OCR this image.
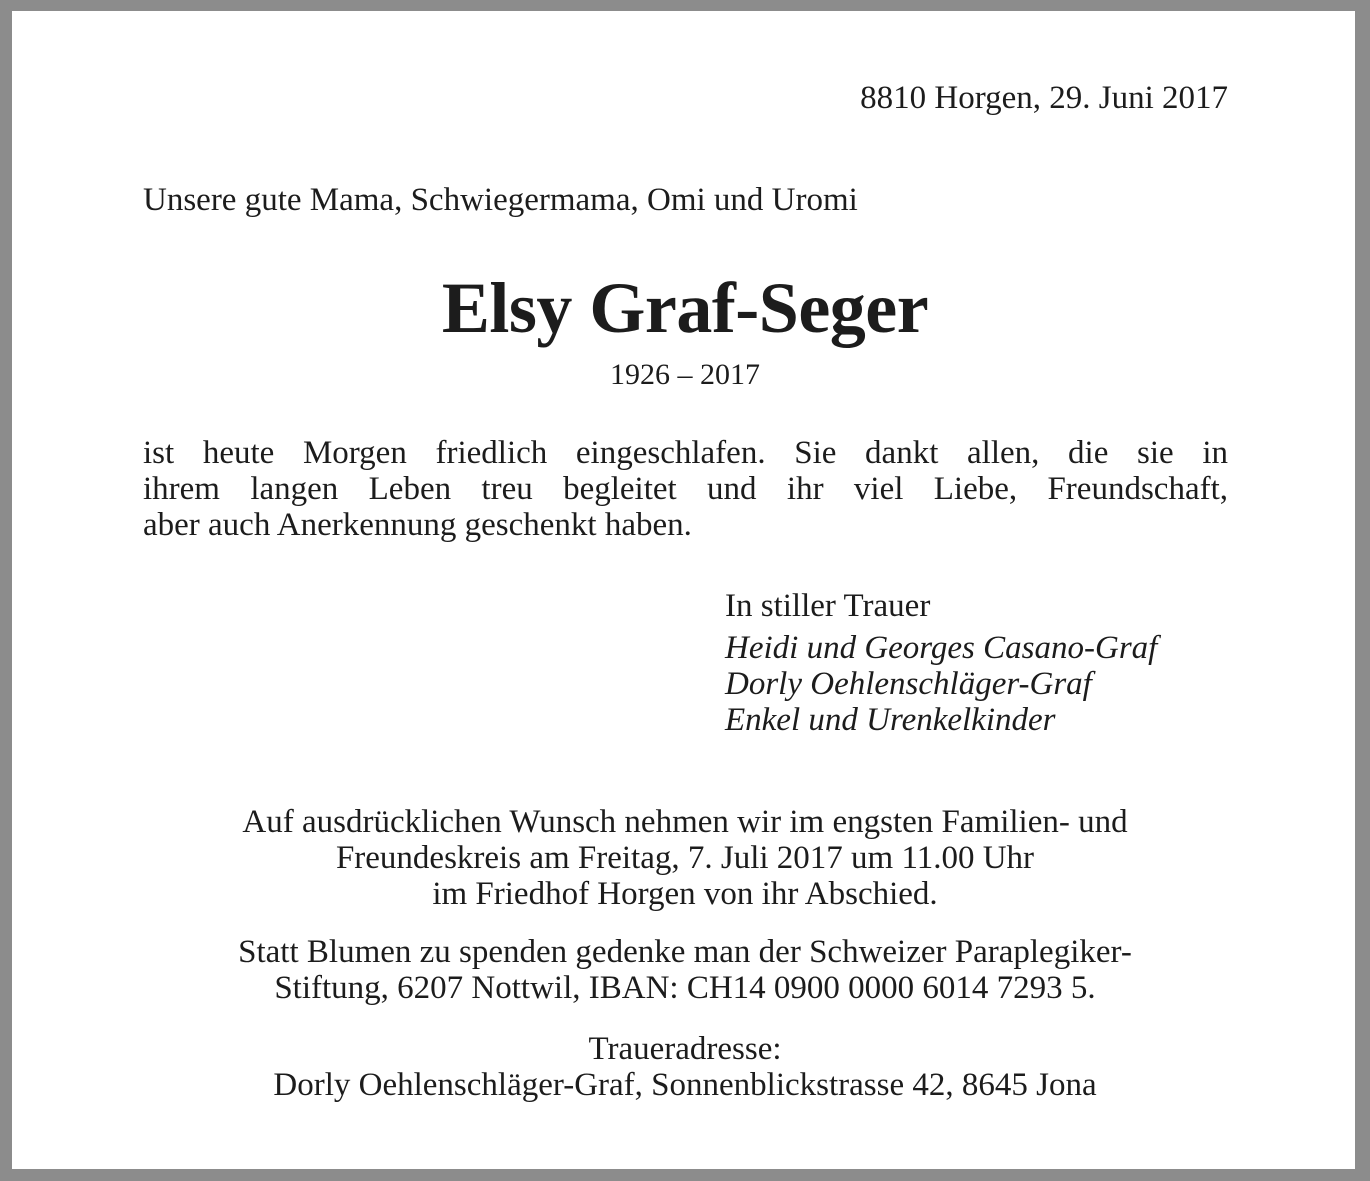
8810 Horgen, 29. Juni 2017

Unsere gute Mama, Schwiegermama, Omi und Uromi

Elsy Graf-Seger

1926 – 2017

ist heute Morgen friedlich eingeschlafen. Sie dankt allen, die sie in
ihrem langen Leben treu begleitet und ihr viel Liebe, Freundschaft,
aber auch Anerkennung geschenkt haben.

In stiller Trauer

Heidi und Georges Casano-Graf
Dorly Oehlenschläger-Graf
Enkel und Urenkelkinder
Auf ausdrücklichen Wunsch nehmen wir im engsten Familien- und
Freundeskreis am Freitag, 7. Juli 2017 um 11.00 Uhr
im Friedhof Horgen von ihr Abschied.
Statt Blumen zu spenden gedenke man der Schweizer Paraplegiker-
Stiftung, 6207 Nottwil, IBAN: CH14 0900 0000 6014 7293 5.
Traueradresse:
Dorly Oehlenschläger-Graf, Sonnenblickstrasse 42, 8645 Jona
